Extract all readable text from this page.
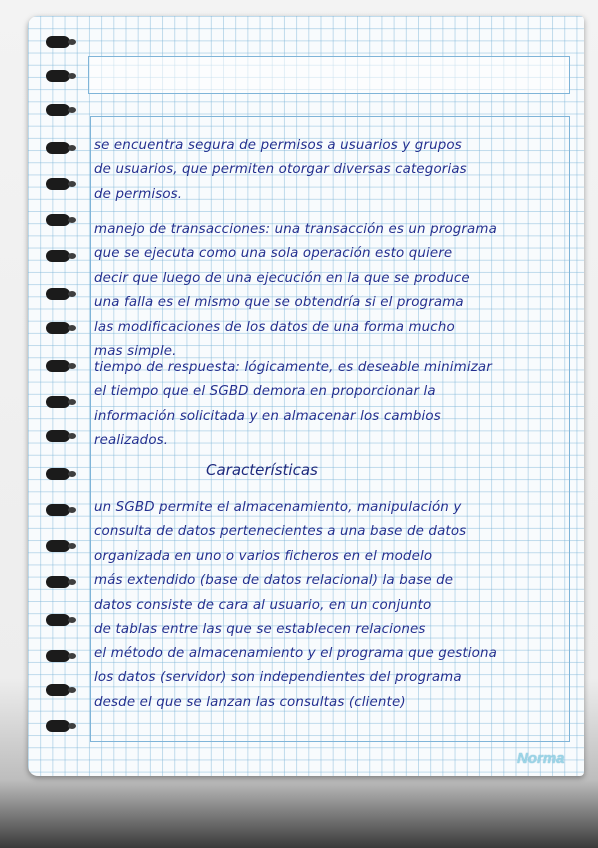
se encuentra segura de permisos a usuarios y grupos
de usuarios, que permiten otorgar diversas categorias
de permisos.
manejo de transacciones: una transacción es un programa
que se ejecuta como una sola operación esto quiere
decir que luego de una ejecución en la que se produce
una falla es el mismo que se obtendría si el programa
las modificaciones de los datos de una forma mucho
mas simple.
tiempo de respuesta: lógicamente, es deseable minimizar
el tiempo que el SGBD demora en proporcionar la
información solicitada y en almacenar los cambios
realizados.
Características
un SGBD permite el almacenamiento, manipulación y
consulta de datos pertenecientes a una base de datos
organizada en uno o varios ficheros en el modelo
más extendido (base de datos relacional) la base de
datos consiste de cara al usuario, en un conjunto
de tablas entre las que se establecen relaciones
el método de almacenamiento y el programa que gestiona
los datos (servidor) son independientes del programa
desde el que se lanzan las consultas (cliente)
Norma
